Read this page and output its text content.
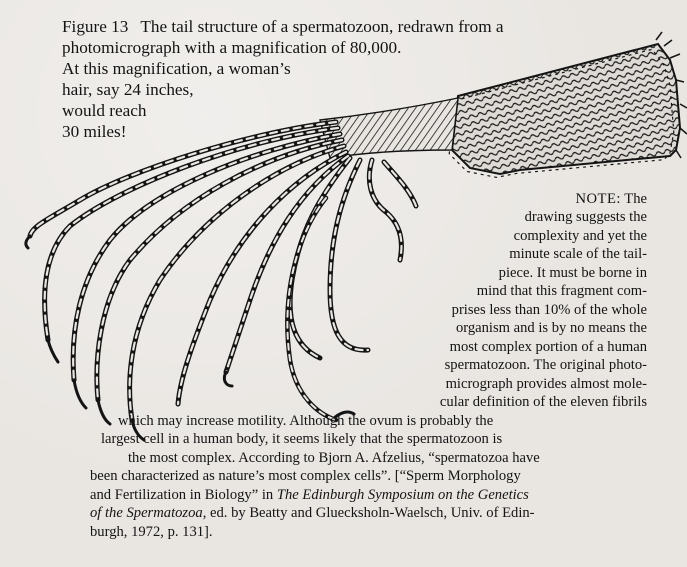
Figure 13 The tail structure of a spermatozoon, redrawn from a
photomicrograph with a magnification of 80,000.
At this magnification, a woman’s
hair, say 24 inches,
would reach
30 miles!
NOTE: The
drawing suggests the
complexity and yet the
minute scale of the tail-
piece. It must be borne in
mind that this fragment com-
prises less than 10% of the whole
organism and is by no means the
most complex portion of a human
spermatozoon. The original photo-
micrograph provides almost mole-
cular definition of the eleven fibrils
which may increase motility. Although the ovum is probably the
largest cell in a human body, it seems likely that the spermatozoon is
the most complex. According to Bjorn A. Afzelius, “spermatozoa have
been characterized as nature’s most complex cells”. [“Sperm Morphology
and Fertilization in Biology” in The Edinburgh Symposium on the Genetics
of the Spermatozoa, ed. by Beatty and Gluecksholn-Waelsch, Univ. of Edin-
burgh, 1972, p. 131].
